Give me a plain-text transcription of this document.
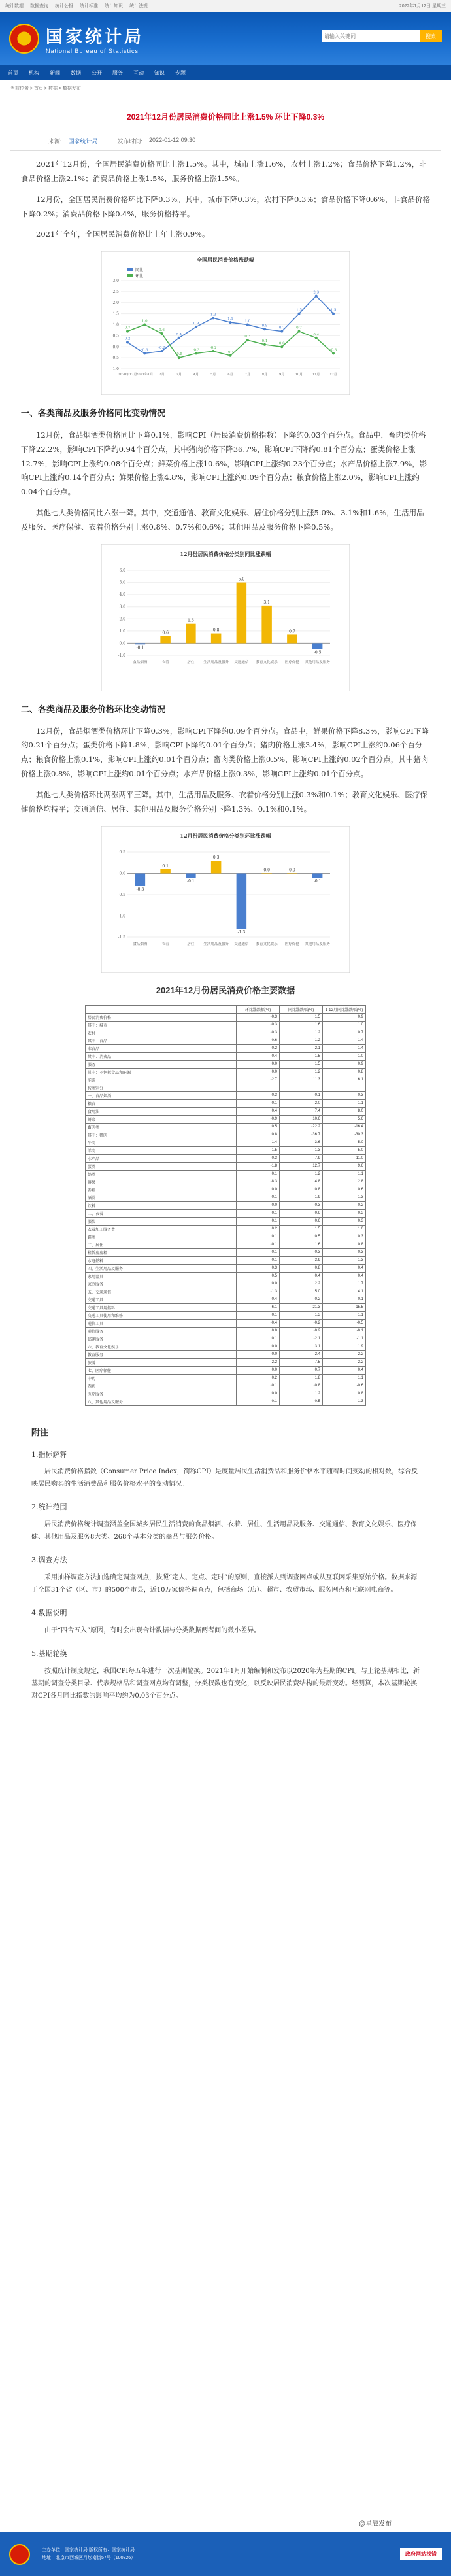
统计数据 数据查询 统计公报 统计标准 统计知识 统计法规	2022年1月12日 星期三
★ 国家统计局
National Bureau of Statistics
请输入关键词
搜索
首页 机构 新闻 数据 公开 服务 互动 知识 专题
当前位置 > 首页 > 数据 > 数据发布
2021年12月份居民消费价格同比上涨1.5% 环比下降0.3%
来源: 国家统计局	发布时间: 2022-01-12 09:30

2021年12月份，全国居民消费价格同比上涨1.5%。其中，城市上涨1.6%，农村上涨1.2%；食品价格下降1.2%，非食品价格上涨2.1%；消费品价格上涨1.5%，服务价格上涨1.5%。

12月份，全国居民消费价格环比下降0.3%。其中，城市下降0.3%，农村下降0.3%；食品价格下降0.6%，非食品价格下降0.2%；消费品价格下降0.4%，服务价格持平。

2021年全年，全国居民消费价格比上年上涨0.9%。

全国居民消费价格涨跌幅
-1.0
-0.5
0.0
0.5
1.0
1.5
2.0
2.5
3.0
2020年12月
2021年1月 2月	3月	4月	5月	6月	7月	8月	9月	10月	11月	12月
0.2
-0.3
-0.2
0.4
0.9
1.3
1.1
1.0
0.8
0.7
1.5
2.3
1.5
0.7
1.0
0.6
-0.5
-0.3
-0.2
-0.4
0.3
0.1
0.0
0.7
0.4
-0.3
同比
环比
一、各类商品及服务价格同比变动情况

12月份，食品烟酒类价格同比下降0.1%，影响CPI（居民消费价格指数）下降约0.03个百分点。食品中，畜肉类价格下降22.2%，影响CPI下降约0.94个百分点，其中猪肉价格下降36.7%，影响CPI下降约0.81个百分点；蛋类价格上涨12.7%，影响CPI上涨约0.08个百分点；鲜菜价格上涨10.6%，影响CPI上涨约0.23个百分点；水产品价格上涨7.9%，影响CPI上涨约0.14个百分点；鲜果价格上涨4.8%，影响CPI上涨约0.09个百分点；粮食价格上涨2.0%，影响CPI上涨约0.04个百分点。

其他七大类价格同比六涨一降。其中，交通通信、教育文化娱乐、居住价格分别上涨5.0%、3.1%和1.6%，生活用品及服务、医疗保健、衣着价格分别上涨0.8%、0.7%和0.6%；其他用品及服务价格下降0.5%。

12月份居民消费价格分类别同比涨跌幅
-1.0
0.0
1.0
2.0
3.0
4.0
5.0
6.0
-0.1
食品烟酒
0.6
衣着
1.6
居住
0.8
生活用品及服务
5.0
交通通信
3.1
教育文化娱乐
0.7
医疗保健
-0.5
其他用品及服务
二、各类商品及服务价格环比变动情况

12月份，食品烟酒类价格环比下降0.3%，影响CPI下降约0.09个百分点。食品中，鲜果价格下降8.3%，影响CPI下降约0.21个百分点；蛋类价格下降1.8%，影响CPI下降约0.01个百分点；猪肉价格上涨3.4%，影响CPI上涨约0.06个百分点；粮食价格上涨0.1%，影响CPI上涨约0.01个百分点；畜肉类价格上涨0.5%，影响CPI上涨约0.02个百分点，其中猪肉价格上涨0.8%，影响CPI上涨约0.01个百分点；水产品价格上涨0.3%，影响CPI上涨约0.01个百分点。

其他七大类价格环比两涨两平三降。其中，生活用品及服务、衣着价格分别上涨0.3%和0.1%；教育文化娱乐、医疗保健价格均持平；交通通信、居住、其他用品及服务价格分别下降1.3%、0.1%和0.1%。

12月份居民消费价格分类别环比涨跌幅
-1.5
-1.0
-0.5
0.0
0.5
-0.3
食品烟酒
0.1
衣着
-0.1
居住
0.3
生活用品及服务
-1.3
交通通信
0.0
教育文化娱乐
0.0
医疗保健
-0.1
其他用品及服务
2021年12月份居民消费价格主要数据
	环比涨跌幅(%)	同比涨跌幅(%)	1-12月同比涨跌幅(%)
居民消费价格	-0.3	1.5	0.9
其中：城市	-0.3	1.6	1.0
农村	-0.3	1.2	0.7
其中：食品	-0.6	-1.2	-1.4
非食品	-0.2	2.1	1.4
其中：消费品	-0.4	1.5	1.0
服务	0.0	1.5	0.9
其中：不包括食品和能源	0.0	1.2	0.8
能源	-2.7	11.3	6.1
按类别分			
一、食品烟酒	-0.3	-0.1	-0.3
粮食	0.1	2.0	1.1
食用油	0.4	7.4	8.0
鲜菜	-0.9	10.6	5.6
畜肉类	0.5	-22.2	-16.4
其中：猪肉	0.8	-36.7	-30.3
牛肉	1.4	3.6	5.0
羊肉	1.5	1.3	5.0
水产品	0.3	7.9	11.0
蛋类	-1.8	12.7	9.6
奶类	0.1	1.2	1.1
鲜果	-8.3	4.8	2.8
卷烟	0.0	0.8	0.6
酒类	0.1	1.9	1.3
饮料	0.0	0.3	0.2
二、衣着	0.1	0.6	0.3
服装	0.1	0.6	0.3
衣着加工服务费	0.2	1.5	1.0
鞋类	0.1	0.5	0.3
三、居住	-0.1	1.6	0.8
租赁房房租	-0.1	0.3	0.3
水电燃料	-0.1	3.9	1.3
四、生活用品及服务	0.3	0.8	0.4
家用器具	0.5	0.4	0.4
家庭服务	0.0	2.2	1.7
五、交通通信	-1.3	5.0	4.1
交通工具	0.4	0.2	-0.1
交通工具用燃料	-6.1	21.3	15.5
交通工具使用和维修	0.1	1.3	1.1
通信工具	-0.4	-0.2	-0.5
通信服务	0.0	-0.2	-0.1
邮递服务	0.1	-2.1	-1.1
六、教育文化娱乐	0.0	3.1	1.9
教育服务	0.0	2.4	2.2
旅游	-2.2	7.5	2.2
七、医疗保健	0.0	0.7	0.4
中药	0.2	1.8	1.1
西药	-0.1	-0.8	-0.6
医疗服务	0.0	1.2	0.8
八、其他用品及服务	-0.1	-0.5	-1.3
附注
1.指标解释

居民消费价格指数（Consumer Price Index，简称CPI）是度量居民生活消费品和服务价格水平随着时间变动的相对数，综合反映居民购买的生活消费品和服务价格水平的变动情况。

2.统计范围

居民消费价格统计调查涵盖全国城乡居民生活消费的食品烟酒、衣着、居住、生活用品及服务、交通通信、教育文化娱乐、医疗保健、其他用品及服务8大类、268个基本分类的商品与服务价格。

3.调查方法

采用抽样调查方法抽选确定调查网点，按照“定人、定点、定时”的原则，直接派人到调查网点或从互联网采集原始价格。数据来源于全国31个省（区、市）的500个市县，近10万家价格调查点，包括商场（店）、超市、农贸市场、服务网点和互联网电商等。

4.数据说明

由于“四舍五入”原因，有时会出现合计数据与分类数据两者间的微小差异。

5.基期轮换

按照统计制度规定，我国CPI每五年进行一次基期轮换。2021年1月开始编制和发布以2020年为基期的CPI。与上轮基期相比，新基期的调查分类目录、代表规格品和调查网点均有调整，分类权数也有变化，以反映居民消费结构的最新变动。经测算，本次基期轮换对CPI各月同比指数的影响平均约为0.03个百分点。

@星辰发布
主办单位：国家统计局 版权所有：国家统计局
地址：北京市西城区月坛南街57号（100826）
政府网站找错
